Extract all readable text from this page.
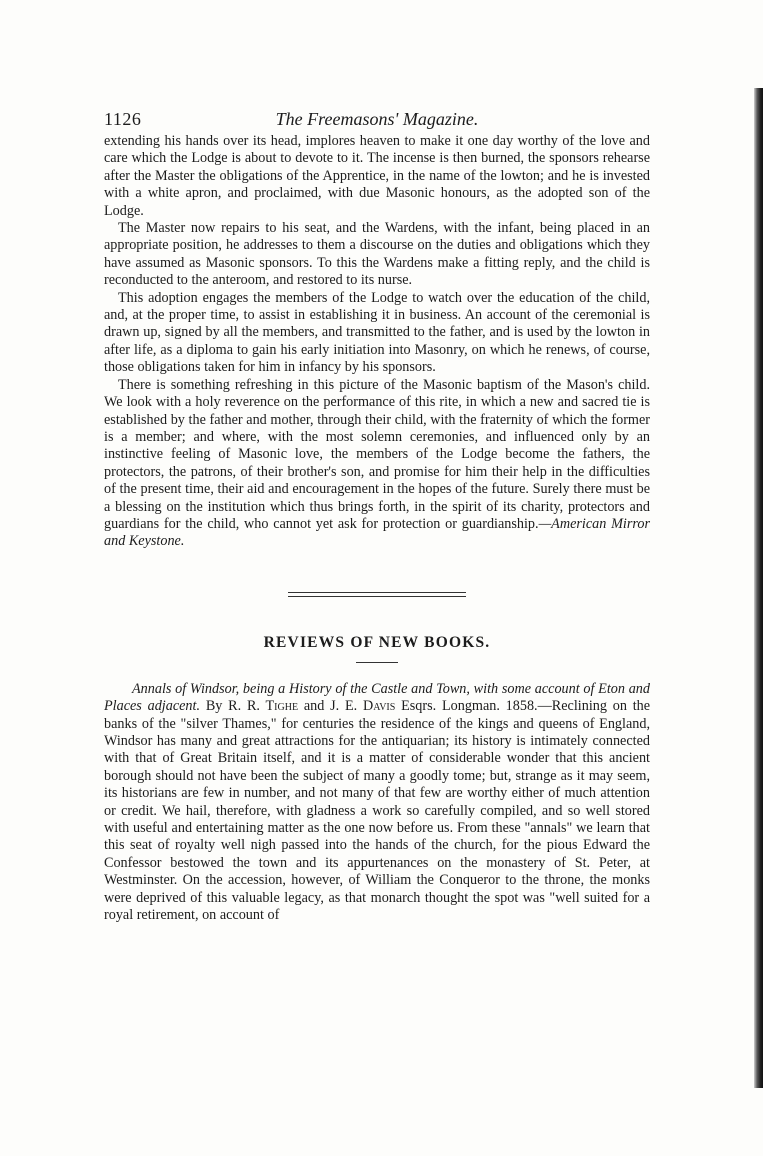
1126	The Freemasons' Magazine.

extending his hands over its head, implores heaven to make it one day worthy of the love and care which the Lodge is about to devote to it. The incense is then burned, the sponsors rehearse after the Master the obligations of the Apprentice, in the name of the lowton; and he is invested with a white apron, and proclaimed, with due Masonic honours, as the adopted son of the Lodge.

The Master now repairs to his seat, and the Wardens, with the infant, being placed in an appropriate position, he addresses to them a discourse on the duties and obligations which they have assumed as Masonic sponsors. To this the Wardens make a fitting reply, and the child is reconducted to the anteroom, and restored to its nurse.

This adoption engages the members of the Lodge to watch over the education of the child, and, at the proper time, to assist in establishing it in business. An account of the ceremonial is drawn up, signed by all the members, and transmitted to the father, and is used by the lowton in after life, as a diploma to gain his early initiation into Masonry, on which he renews, of course, those obligations taken for him in infancy by his sponsors.

There is something refreshing in this picture of the Masonic baptism of the Mason's child. We look with a holy reverence on the performance of this rite, in which a new and sacred tie is established by the father and mother, through their child, with the fraternity of which the former is a member; and where, with the most solemn ceremonies, and influenced only by an instinctive feeling of Masonic love, the members of the Lodge become the fathers, the protectors, the patrons, of their brother's son, and promise for him their help in the difficulties of the present time, their aid and encouragement in the hopes of the future. Surely there must be a blessing on the institution which thus brings forth, in the spirit of its charity, protectors and guardians for the child, who cannot yet ask for protection or guardianship.—American Mirror and Keystone.

REVIEWS OF NEW BOOKS.

Annals of Windsor, being a History of the Castle and Town, with some account of Eton and Places adjacent. By R. R. Tighe and J. E. Davis Esqrs. Longman. 1858.—Reclining on the banks of the "silver Thames," for centuries the residence of the kings and queens of England, Windsor has many and great attractions for the antiquarian; its history is intimately connected with that of Great Britain itself, and it is a matter of considerable wonder that this ancient borough should not have been the subject of many a goodly tome; but, strange as it may seem, its historians are few in number, and not many of that few are worthy either of much attention or credit. We hail, therefore, with gladness a work so carefully compiled, and so well stored with useful and entertaining matter as the one now before us. From these "annals" we learn that this seat of royalty well nigh passed into the hands of the church, for the pious Edward the Confessor bestowed the town and its appurtenances on the monastery of St. Peter, at Westminster. On the accession, however, of William the Conqueror to the throne, the monks were deprived of this valuable legacy, as that monarch thought the spot was "well suited for a royal retirement, on account of
